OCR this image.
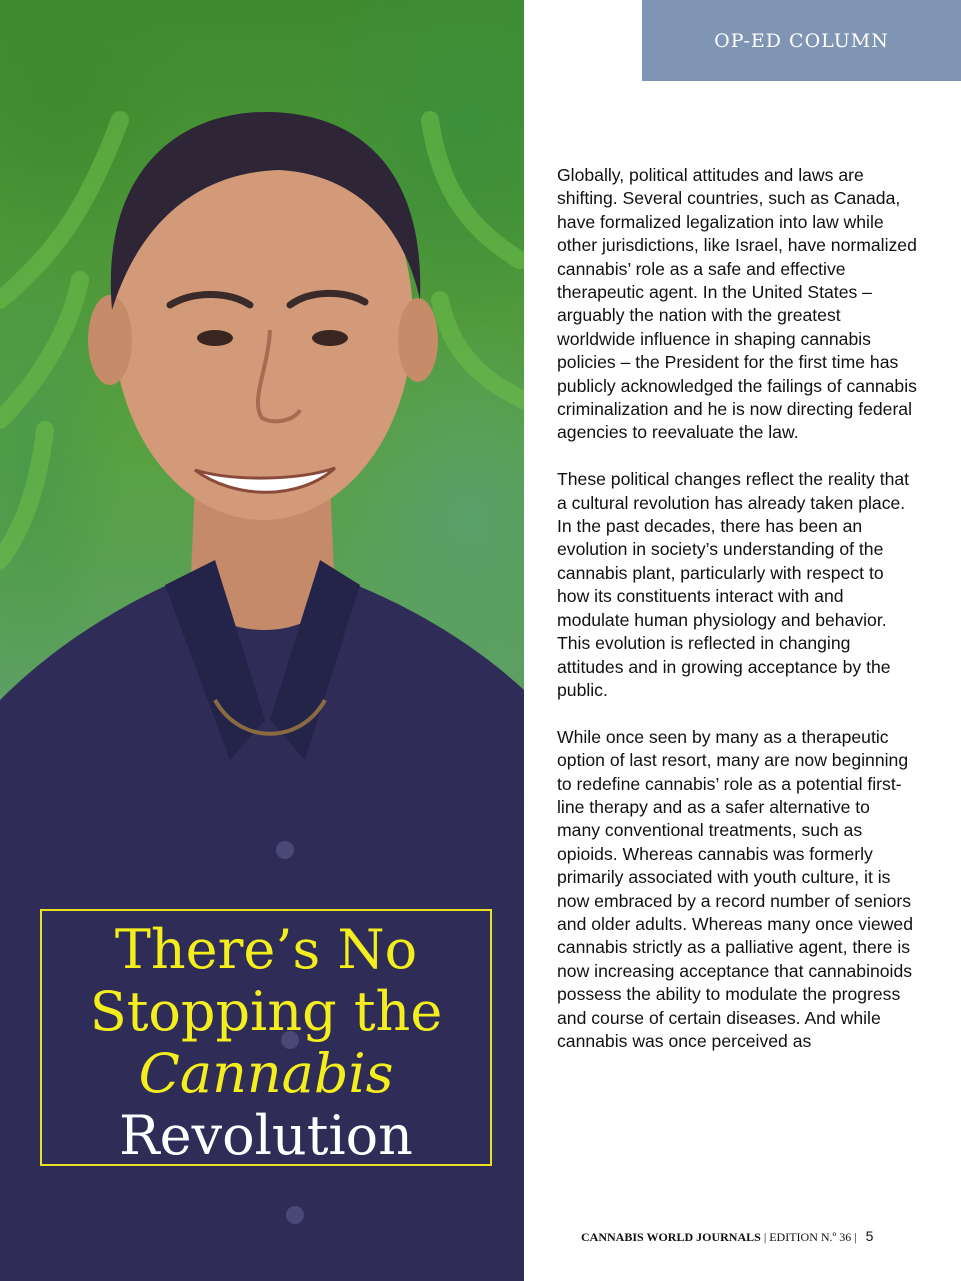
There’s No
Stopping the
Cannabis
Revolution
OP-ED COLUMN

Globally, political attitudes and laws are shifting. Several countries, such as Canada, have formalized legalization into law while other jurisdictions, like Israel, have normalized cannabis’ role as a safe and effective therapeutic agent. In the United States – arguably the nation with the greatest worldwide influence in shaping cannabis policies – the President for the first time has publicly acknowledged the failings of cannabis criminalization and he is now directing federal agencies to reevaluate the law.

These political changes reflect the reality that a cultural revolution has already taken place. In the past decades, there has been an evolution in society’s understanding of the cannabis plant, particularly with respect to how its constituents interact with and modulate human physiology and behavior. This evolution is reflected in changing attitudes and in growing acceptance by the public.

While once seen by many as a therapeutic option of last resort, many are now beginning to redefine cannabis’ role as a potential first-line therapy and as a safer alternative to many conventional treatments, such as opioids. Whereas cannabis was formerly primarily associated with youth culture, it is now embraced by a record number of seniors and older adults. Whereas many once viewed cannabis strictly as a palliative agent, there is now increasing acceptance that cannabinoids possess the ability to modulate the progress and course of certain diseases. And while cannabis was once perceived as

CANNABIS WORLD JOURNALS | EDITION N.º 36 | 5
